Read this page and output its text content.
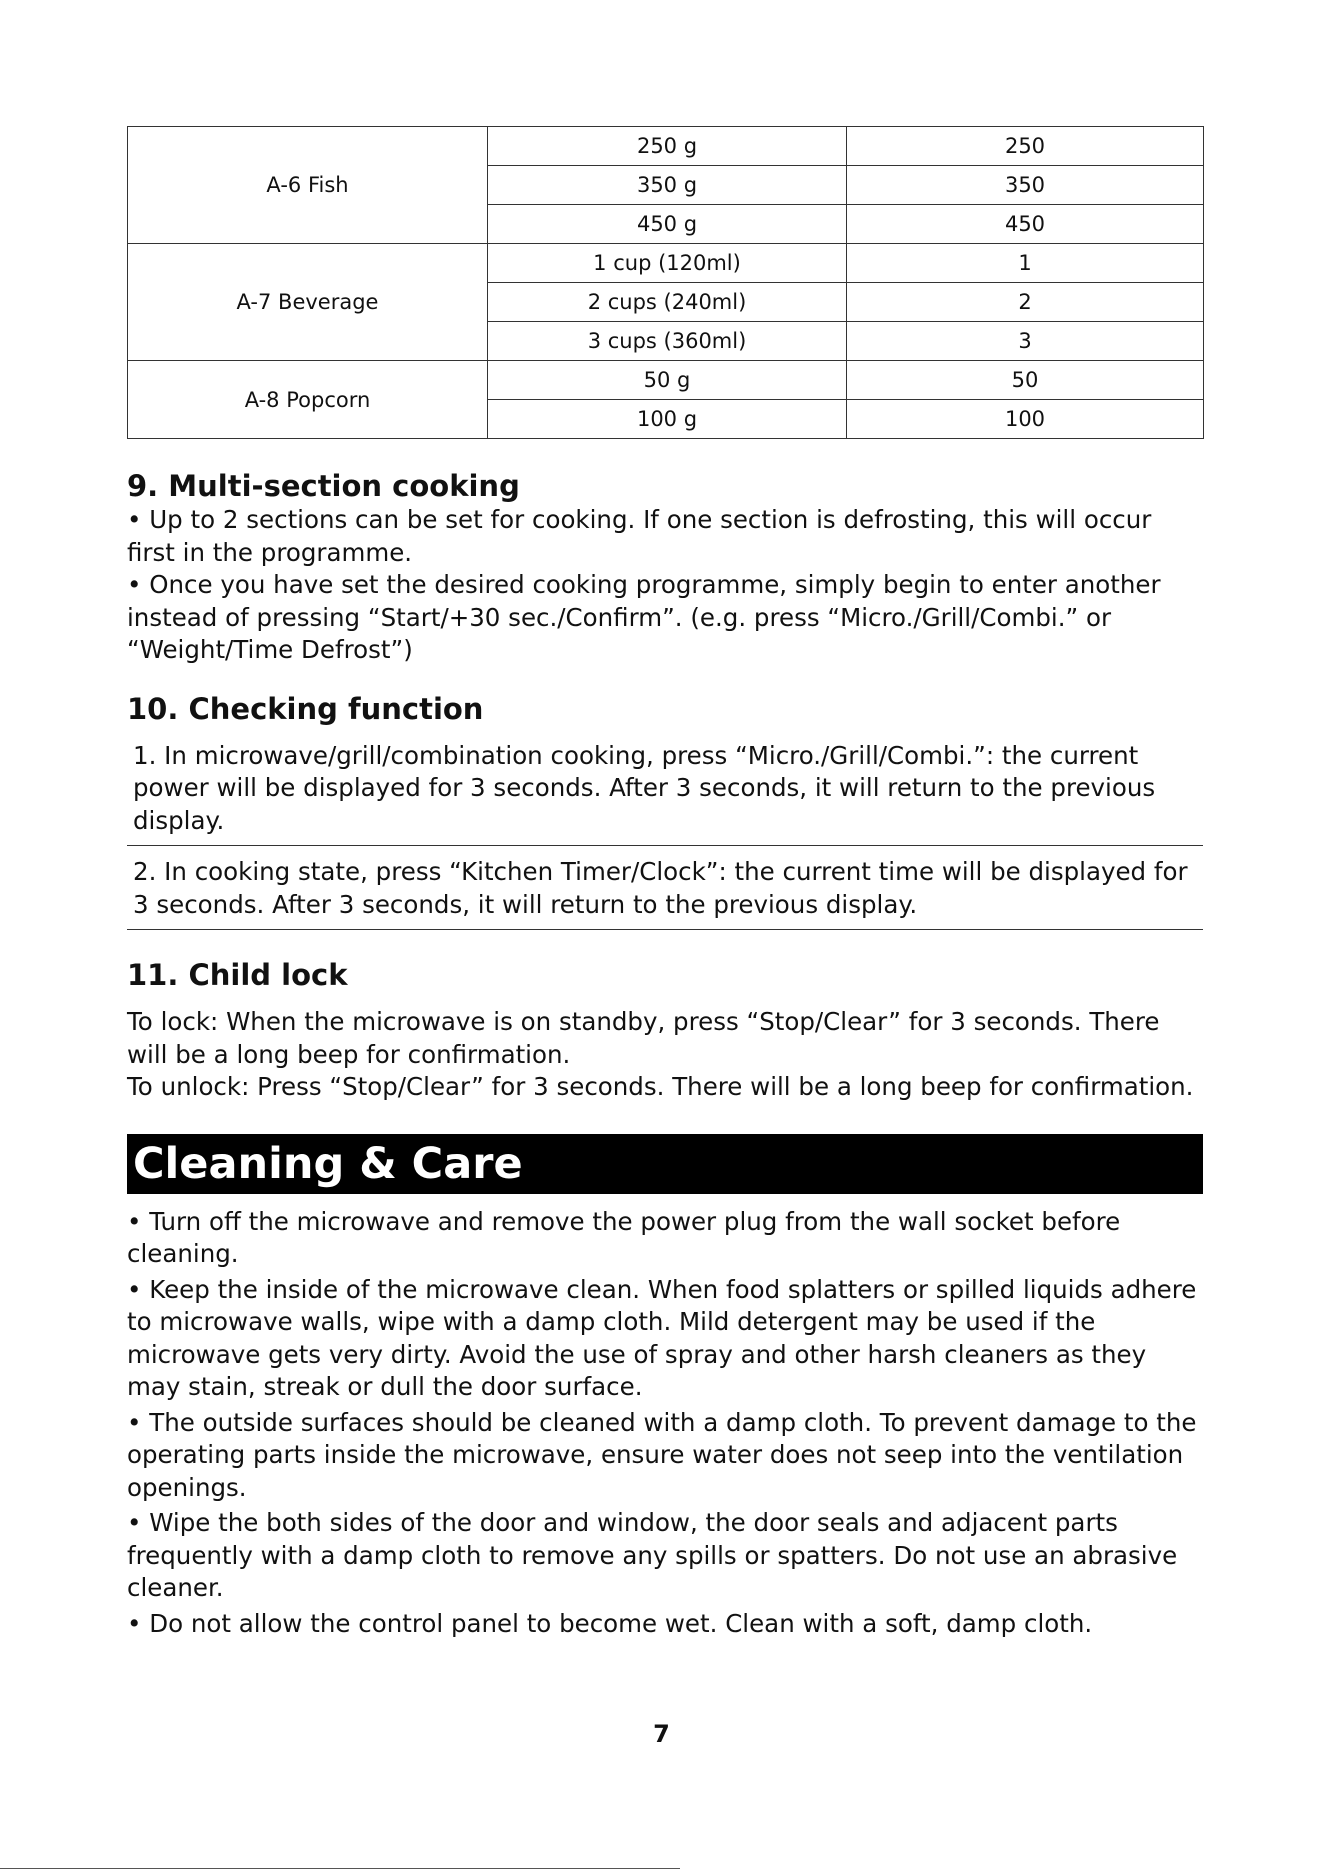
A-6 Fish	250 g	250
	350 g	350
	450 g	450
A-7 Beverage	1 cup (120ml)	1
	2 cups (240ml)	2
	3 cups (360ml)	3
A-8 Popcorn	50 g	50
	100 g	100
9. Multi-section cooking

• Up to 2 sections can be set for cooking. If one section is defrosting, this will occur first in the programme.

• Once you have set the desired cooking programme, simply begin to enter another instead of pressing “Start/+30 sec./Confirm”. (e.g. press “Micro./Grill/Combi.” or “Weight/Time Defrost”)

10. Checking function
1. In microwave/grill/combination cooking, press “Micro./Grill/Combi.”: the current power will be displayed for 3 seconds. After 3 seconds, it will return to the previous display.
2. In cooking state, press “Kitchen Timer/Clock”: the current time will be displayed for 3 seconds. After 3 seconds, it will return to the previous display.
11. Child lock

To lock: When the microwave is on standby, press “Stop/Clear” for 3 seconds. There will be a long beep for confirmation.

To unlock: Press “Stop/Clear” for 3 seconds. There will be a long beep for confirmation.

Cleaning & Care

• Turn off the microwave and remove the power plug from the wall socket before cleaning.

• Keep the inside of the microwave clean. When food splatters or spilled liquids adhere to microwave walls, wipe with a damp cloth. Mild detergent may be used if the microwave gets very dirty. Avoid the use of spray and other harsh cleaners as they may stain, streak or dull the door surface.

• The outside surfaces should be cleaned with a damp cloth. To prevent damage to the operating parts inside the microwave, ensure water does not seep into the ventilation openings.

• Wipe the both sides of the door and window, the door seals and adjacent parts frequently with a damp cloth to remove any spills or spatters. Do not use an abrasive cleaner.

• Do not allow the control panel to become wet. Clean with a soft, damp cloth.

7
